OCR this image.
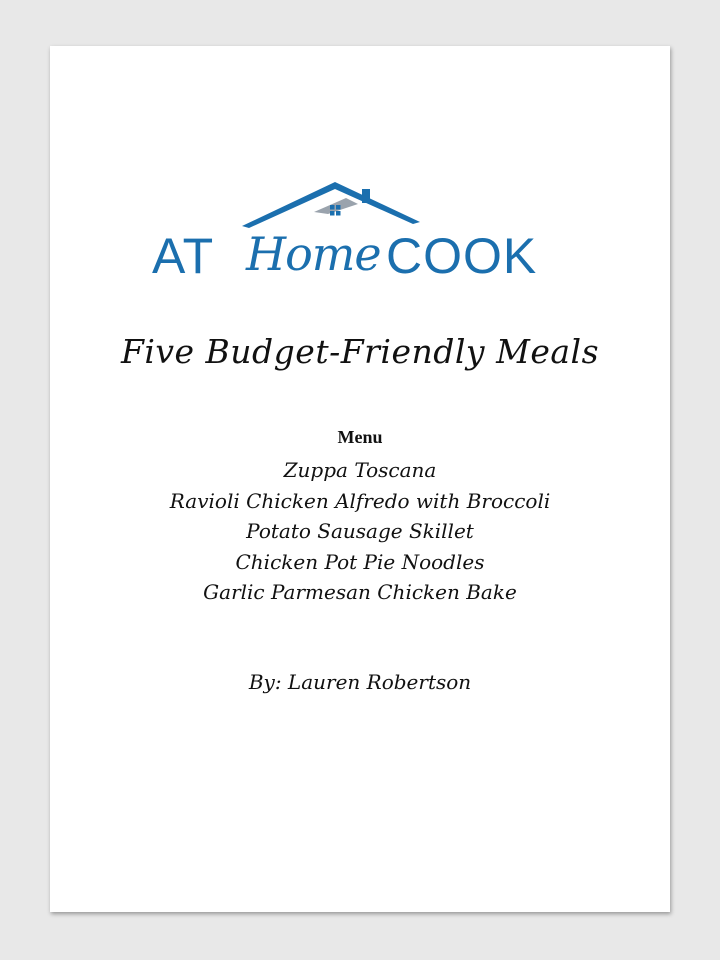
AT Home COOK
Five Budget-Friendly Meals
Menu
Zuppa Toscana
Ravioli Chicken Alfredo with Broccoli
Potato Sausage Skillet
Chicken Pot Pie Noodles
Garlic Parmesan Chicken Bake
By: Lauren Robertson
